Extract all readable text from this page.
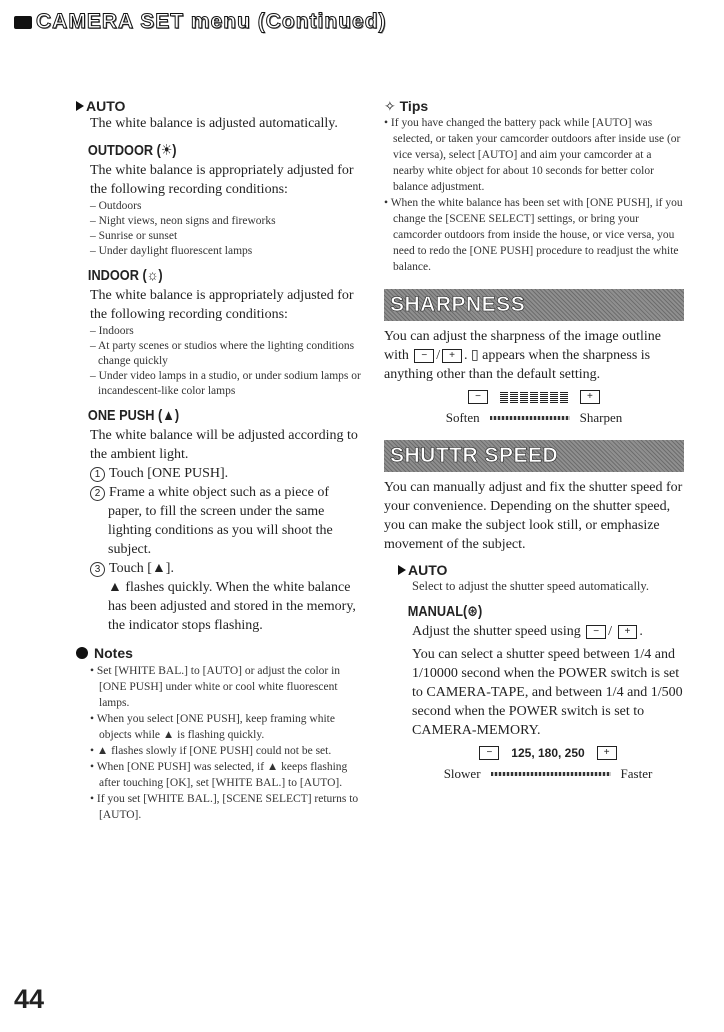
CAMERA SET menu (Continued)

AUTO

The white balance is adjusted automatically.

OUTDOOR (☀)

The white balance is appropriately adjusted for the following recording conditions:

– Outdoors

– Night views, neon signs and fireworks

– Sunrise or sunset

– Under daylight fluorescent lamps

INDOOR (☼)

The white balance is appropriately adjusted for the following recording conditions:

– Indoors

– At party scenes or studios where the lighting conditions change quickly

– Under video lamps in a studio, or under sodium lamps or incandescent-like color lamps

ONE PUSH (▲)

The white balance will be adjusted according to the ambient light.

1 Touch [ONE PUSH].

2 Frame a white object such as a piece of paper, to fill the screen under the same lighting conditions as you will shoot the subject.

3 Touch [▲].

▲ flashes quickly. When the white balance has been adjusted and stored in the memory, the indicator stops flashing.

Notes

• Set [WHITE BAL.] to [AUTO] or adjust the color in [ONE PUSH] under white or cool white fluorescent lamps.

• When you select [ONE PUSH], keep framing white objects while ▲ is flashing quickly.

• ▲ flashes slowly if [ONE PUSH] could not be set.

• When [ONE PUSH] was selected, if ▲ keeps flashing after touching [OK], set [WHITE BAL.] to [AUTO].

• If you set [WHITE BAL.], [SCENE SELECT] returns to [AUTO].

✧ Tips

• If you have changed the battery pack while [AUTO] was selected, or taken your camcorder outdoors after inside use (or vice versa), select [AUTO] and aim your camcorder at a nearby white object for about 10 seconds for better color balance adjustment.

• When the white balance has been set with [ONE PUSH], if you change the [SCENE SELECT] settings, or bring your camcorder outdoors from inside the house, or vice versa, you need to redo the [ONE PUSH] procedure to readjust the white balance.

SHARPNESS

You can adjust the sharpness of the image outline with − / + . ▯ appears when the sharpness is anything other than the default setting.

−	+
Soften	Sharpen
SHUTTR SPEED

You can manually adjust and fix the shutter speed for your convenience. Depending on the shutter speed, you can make the subject look still, or emphasize movement of the subject.

AUTO

Select to adjust the shutter speed automatically.

MANUAL(⊛)

Adjust the shutter speed using − / + .

You can select a shutter speed between 1/4 and 1/10000 second when the POWER switch is set to CAMERA-TAPE, and between 1/4 and 1/500 second when the POWER switch is set to CAMERA-MEMORY.

−	125, 180, 250	+
Slower	Faster
44
